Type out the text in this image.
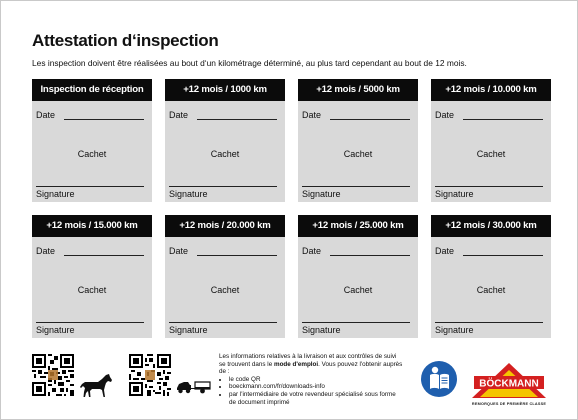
Attestation d‘inspection
Les inspection doivent être réalisées au bout d‘un kilométrage déterminé, au plus tard cependant au bout de 12 mois.
Inspection de réception
Date
Cachet
Signature
+12 mois / 1000 km
Date
Cachet
Signature
+12 mois / 5000 km
Date
Cachet
Signature
+12 mois / 10.000 km
Date
Cachet
Signature
+12 mois / 15.000 km
Date
Cachet
Signature
+12 mois / 20.000 km
Date
Cachet
Signature
+12 mois / 25.000 km
Date
Cachet
Signature
+12 mois / 30.000 km
Date
Cachet
Signature
Les informations relatives à la livraison et aux contrôles de suivi se trouvent dans le mode d'emploi. Vous pouvez l'obtenir auprès de :
• le code QR
• boeckmann.com/fr/downloads-info
• par l'intermédiaire de votre revendeur spécialisé sous forme de document imprimé
BÖCKMANN
REMORQUES DE PREMIÈRE CLASSE
